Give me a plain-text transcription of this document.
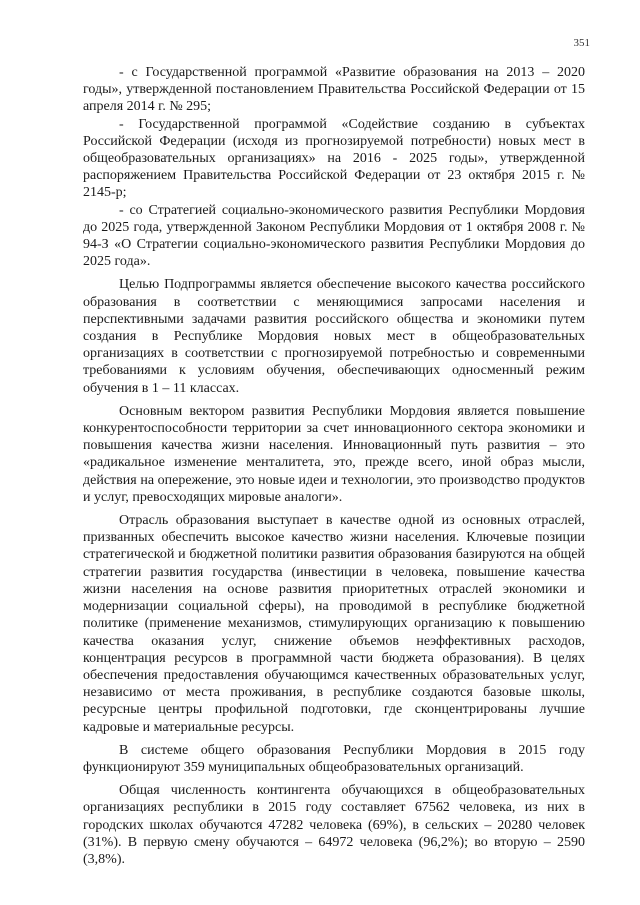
351

- с Государственной программой «Развитие образования на 2013 – 2020 годы», утвержденной постановлением Правительства Российской Федерации от 15 апреля 2014 г. № 295;

- Государственной программой «Содействие созданию в субъектах Российской Федерации (исходя из прогнозируемой потребности) новых мест в общеобразовательных организациях» на 2016 - 2025 годы», утвержденной распоряжением Правительства Российской Федерации от 23 октября 2015 г. № 2145-р;

- со Стратегией социально-экономического развития Республики Мордовия до 2025 года, утвержденной Законом Республики Мордовия от 1 октября 2008 г. № 94-З «О Стратегии социально-экономического развития Республики Мордовия до 2025 года».

Целью Подпрограммы является обеспечение высокого качества российского образования в соответствии с меняющимися запросами населения и перспективными задачами развития российского общества и экономики путем создания в Республике Мордовия новых мест в общеобразовательных организациях в соответствии с прогнозируемой потребностью и современными требованиями к условиям обучения, обеспечивающих односменный режим обучения в 1 – 11 классах.

Основным вектором развития Республики Мордовия является повышение конкурентоспособности территории за счет инновационного сектора экономики и повышения качества жизни населения. Инновационный путь развития – это «радикальное изменение менталитета, это, прежде всего, иной образ мысли, действия на опережение, это новые идеи и технологии, это производство продуктов и услуг, превосходящих мировые аналоги».

Отрасль образования выступает в качестве одной из основных отраслей, призванных обеспечить высокое качество жизни населения. Ключевые позиции стратегической и бюджетной политики развития образования базируются на общей стратегии развития государства (инвестиции в человека, повышение качества жизни населения на основе развития приоритетных отраслей экономики и модернизации социальной сферы), на проводимой в республике бюджетной политике (применение механизмов, стимулирующих организацию к повышению качества оказания услуг, снижение объемов неэффективных расходов, концентрация ресурсов в программной части бюджета образования). В целях обеспечения предоставления обучающимся качественных образовательных услуг, независимо от места проживания, в республике создаются базовые школы, ресурсные центры профильной подготовки, где сконцентрированы лучшие кадровые и материальные ресурсы.

В системе общего образования Республики Мордовия в 2015 году функционируют 359 муниципальных общеобразовательных организаций.

Общая численность контингента обучающихся в общеобразовательных организациях республики в 2015 году составляет 67562 человека, из них в городских школах обучаются 47282 человека (69%), в сельских – 20280 человек (31%). В первую смену обучаются – 64972 человека (96,2%); во вторую – 2590 (3,8%).
